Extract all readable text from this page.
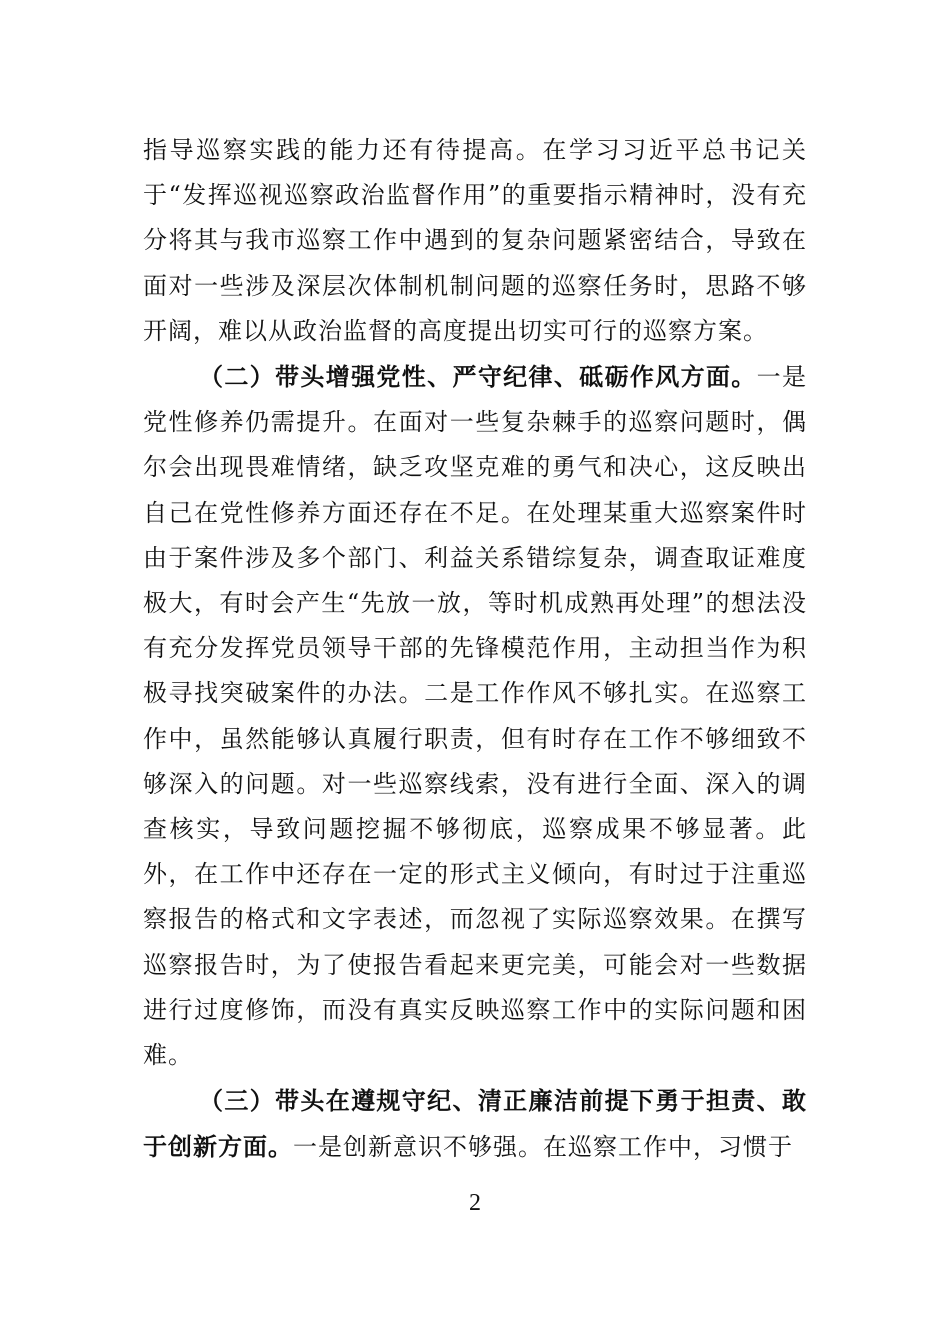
指导巡察实践的能力还有待提高。在学习习近平总书记关于“发挥巡视巡察政治监督作用”的重要指示精神时，没有充分将其与我市巡察工作中遇到的复杂问题紧密结合，导致在面对一些涉及深层次体制机制问题的巡察任务时，思路不够开阔，难以从政治监督的高度提出切实可行的巡察方案。

（二）带头增强党性、严守纪律、砥砺作风方面。一是党性修养仍需提升。在面对一些复杂棘手的巡察问题时，偶尔会出现畏难情绪，缺乏攻坚克难的勇气和决心，这反映出自己在党性修养方面还存在不足。在处理某重大巡察案件时由于案件涉及多个部门、利益关系错综复杂，调查取证难度极大，有时会产生“先放一放，等时机成熟再处理”的想法没有充分发挥党员领导干部的先锋模范作用，主动担当作为积极寻找突破案件的办法。二是工作作风不够扎实。在巡察工作中，虽然能够认真履行职责，但有时存在工作不够细致不够深入的问题。对一些巡察线索，没有进行全面、深入的调查核实，导致问题挖掘不够彻底，巡察成果不够显著。此外，在工作中还存在一定的形式主义倾向，有时过于注重巡察报告的格式和文字表述，而忽视了实际巡察效果。在撰写巡察报告时，为了使报告看起来更完美，可能会对一些数据进行过度修饰，而没有真实反映巡察工作中的实际问题和困难。

（三）带头在遵规守纪、清正廉洁前提下勇于担责、敢于创新方面。一是创新意识不够强。在巡察工作中，习惯于

2
